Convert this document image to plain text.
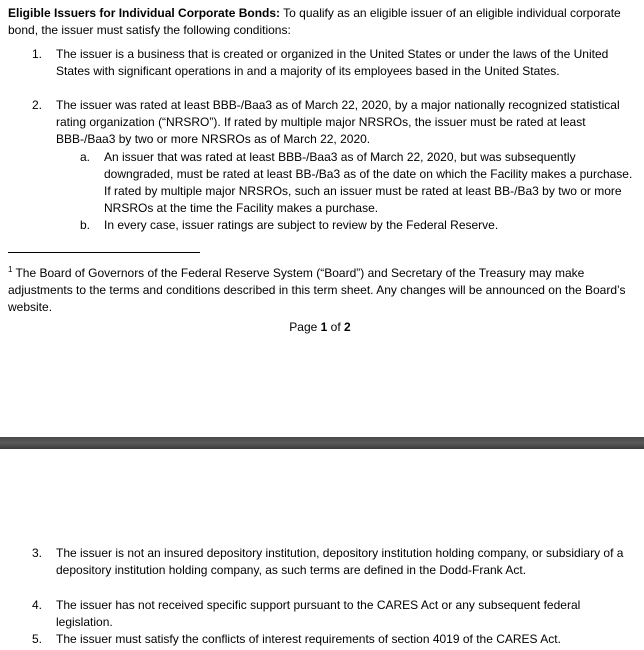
Eligible Issuers for Individual Corporate Bonds: To qualify as an eligible issuer of an eligible individual corporate bond, the issuer must satisfy the following conditions:

1. The issuer is a business that is created or organized in the United States or under the laws of the United States with significant operations in and a majority of its employees based in the United States.
2. The issuer was rated at least BBB-/Baa3 as of March 22, 2020, by a major nationally recognized statistical rating organization (“NRSRO”). If rated by multiple major NRSROs, the issuer must be rated at least BBB-/Baa3 by two or more NRSROs as of March 22, 2020.
a. An issuer that was rated at least BBB-/Baa3 as of March 22, 2020, but was subsequently downgraded, must be rated at least BB-/Ba3 as of the date on which the Facility makes a purchase. If rated by multiple major NRSROs, such an issuer must be rated at least BB-/Ba3 by two or more NRSROs at the time the Facility makes a purchase.
b. In every case, issuer ratings are subject to review by the Federal Reserve.

$^1$ The Board of Governors of the Federal Reserve System (“Board”) and Secretary of the Treasury may make adjustments to the terms and conditions described in this term sheet. Any changes will be announced on the Board’s website.

Page 1 of 2
3. The issuer is not an insured depository institution, depository institution holding company, or subsidiary of a depository institution holding company, as such terms are defined in the Dodd-Frank Act.
4. The issuer has not received specific support pursuant to the CARES Act or any subsequent federal legislation.
5. The issuer must satisfy the conflicts of interest requirements of section 4019 of the CARES Act.
